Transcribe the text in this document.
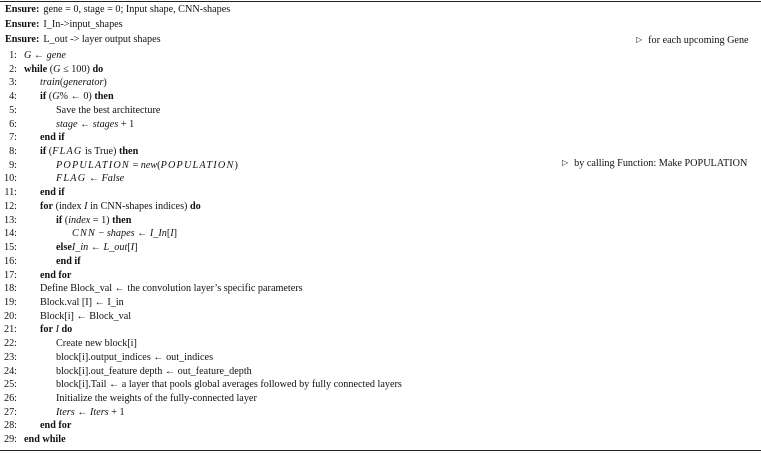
Ensure: gene = 0, stage = 0; Input shape, CNN-shapes
Ensure: I_In->input_shapes
Ensure: L_out -> layer output shapes	▷ for each upcoming Gene
▷ by calling Function: Make POPULATION
1: G ← gene
2: while (G ≤ 100) do
3: train(generator)
4: if (G% ← 0) then
5:	Save the best architecture
6:	stage ← stages + 1
7: end if
8: if (FLAG is True) then
9:	POPULATION = new(POPULATION)
10:	FLAG ← False
11: end if
12: for (index I in CNN-shapes indices) do
13:	if (index = 1) then
14:	CNN − shapes ← I_In[I]
15:	elseI_in ← L_out[I]
16:	end if
17: end for
18: Define Block_val ← the convolution layer’s specific parameters
19: Block.val [I] ← I_in
20: Block[i] ← Block_val
21: for I do
22:	Create new block[i]
23:	block[i].output_indices ← out_indices
24:	block[i].out_feature depth ← out_feature_depth
25:	block[i].Tail ← a layer that pools global averages followed by fully connected layers
26:	Initialize the weights of the fully-connected layer
27:	Iters ← Iters + 1
28: end for
29: end while
